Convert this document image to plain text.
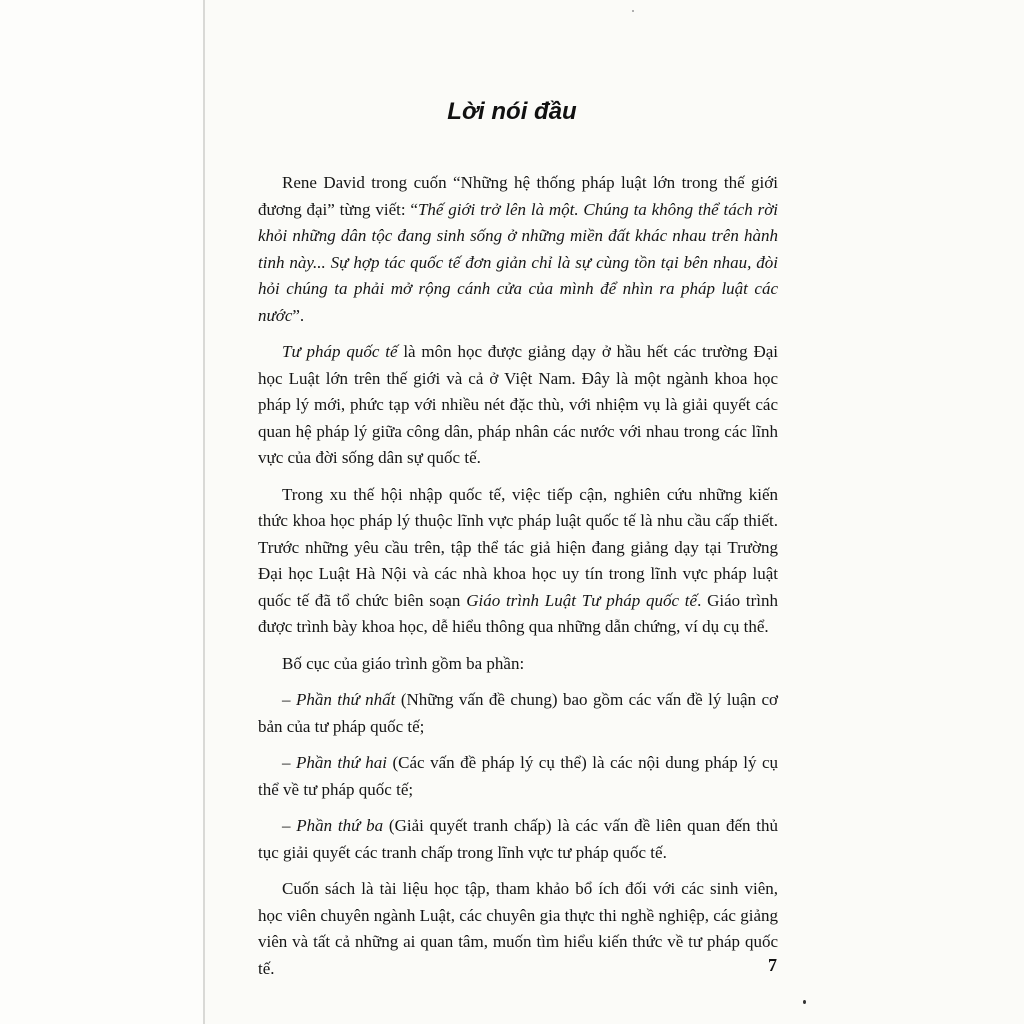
Lời nói đầu

Rene David trong cuốn “Những hệ thống pháp luật lớn trong thế giới đương đại” từng viết: “Thế giới trở lên là một. Chúng ta không thể tách rời khỏi những dân tộc đang sinh sống ở những miền đất khác nhau trên hành tinh này... Sự hợp tác quốc tế đơn giản chỉ là sự cùng tồn tại bên nhau, đòi hỏi chúng ta phải mở rộng cánh cửa của mình để nhìn ra pháp luật các nước”.

Tư pháp quốc tế là môn học được giảng dạy ở hầu hết các trường Đại học Luật lớn trên thế giới và cả ở Việt Nam. Đây là một ngành khoa học pháp lý mới, phức tạp với nhiều nét đặc thù, với nhiệm vụ là giải quyết các quan hệ pháp lý giữa công dân, pháp nhân các nước với nhau trong các lĩnh vực của đời sống dân sự quốc tế.

Trong xu thế hội nhập quốc tế, việc tiếp cận, nghiên cứu những kiến thức khoa học pháp lý thuộc lĩnh vực pháp luật quốc tế là nhu cầu cấp thiết. Trước những yêu cầu trên, tập thể tác giả hiện đang giảng dạy tại Trường Đại học Luật Hà Nội và các nhà khoa học uy tín trong lĩnh vực pháp luật quốc tế đã tổ chức biên soạn Giáo trình Luật Tư pháp quốc tế. Giáo trình được trình bày khoa học, dễ hiểu thông qua những dẫn chứng, ví dụ cụ thể.

Bố cục của giáo trình gồm ba phần:

– Phần thứ nhất (Những vấn đề chung) bao gồm các vấn đề lý luận cơ bản của tư pháp quốc tế;

– Phần thứ hai (Các vấn đề pháp lý cụ thể) là các nội dung pháp lý cụ thể về tư pháp quốc tế;

– Phần thứ ba (Giải quyết tranh chấp) là các vấn đề liên quan đến thủ tục giải quyết các tranh chấp trong lĩnh vực tư pháp quốc tế.

Cuốn sách là tài liệu học tập, tham khảo bổ ích đối với các sinh viên, học viên chuyên ngành Luật, các chuyên gia thực thi nghề nghiệp, các giảng viên và tất cả những ai quan tâm, muốn tìm hiểu kiến thức về tư pháp quốc tế.	7
